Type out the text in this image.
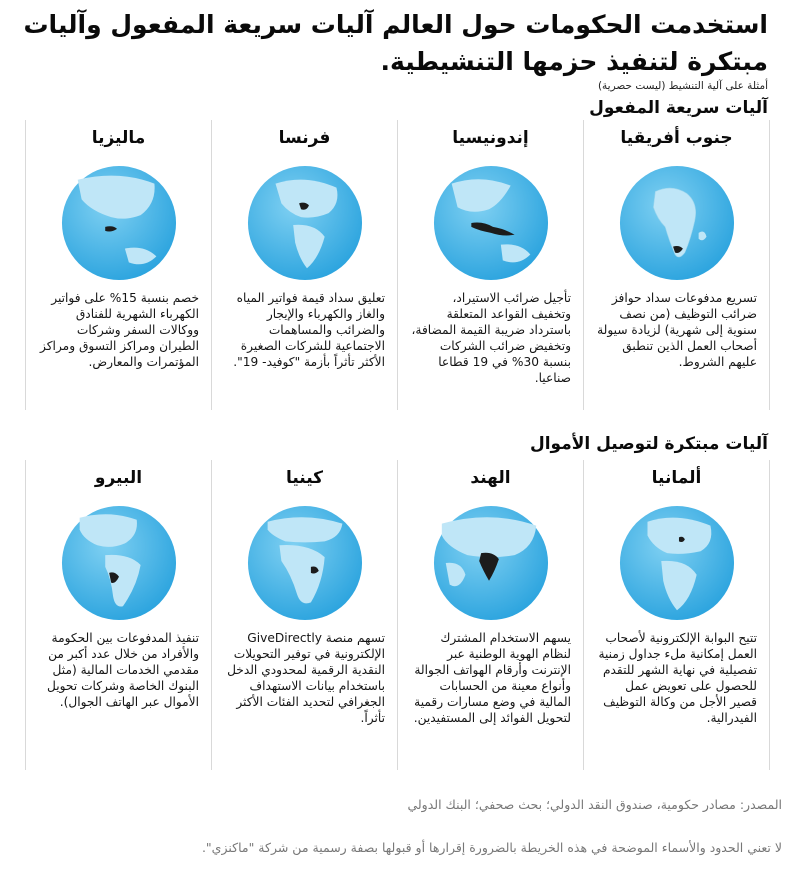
استخدمت الحكومات حول العالم آليات سريعة المفعول وآليات مبتكرة لتنفيذ حزمها التنشيطية.
أمثلة على آلية التنشيط (ليست حصرية)
آليات سريعة المفعول
جنوب أفريقيا
تسريع مدفوعات سداد حوافز ضرائب التوظيف (من نصف سنوية إلى شهرية) لزيادة سيولة أصحاب العمل الذين تنطبق عليهم الشروط.
إندونيسيا
تأجيل ضرائب الاستيراد، وتخفيف القواعد المتعلقة باسترداد ضريبة القيمة المضافة، وتخفيض ضرائب الشركات بنسبة 30% في 19 قطاعا صناعيا.
فرنسا
تعليق سداد قيمة فواتير المياه والغاز والكهرباء والإيجار والضرائب والمساهمات الاجتماعية للشركات الصغيرة الأكثر تأثراً بأزمة "كوفيد- 19".
ماليزيا
خصم بنسبة 15% على فواتير الكهرباء الشهرية للفنادق ووكالات السفر وشركات الطيران ومراكز التسوق ومراكز المؤتمرات والمعارض.
آليات مبتكرة لتوصيل الأموال
ألمانيا
تتيح البوابة الإلكترونية لأصحاب العمل إمكانية ملء جداول زمنية تفصيلية في نهاية الشهر للتقدم للحصول على تعويض عمل قصير الأجل من وكالة التوظيف الفيدرالية.
الهند
يسهم الاستخدام المشترك لنظام الهوية الوطنية عبر الإنترنت وأرقام الهواتف الجوالة وأنواع معينة من الحسابات المالية في وضع مسارات رقمية لتحويل الفوائد إلى المستفيدين.
كينيا
تسهم منصة GiveDirectly الإلكترونية في توفير التحويلات النقدية الرقمية لمحدودي الدخل باستخدام بيانات الاستهداف الجغرافي لتحديد الفئات الأكثر تأثراً.
البيرو
تنفيذ المدفوعات بين الحكومة والأفراد من خلال عدد أكبر من مقدمي الخدمات المالية (مثل البنوك الخاصة وشركات تحويل الأموال عبر الهاتف الجوال).
المصدر: مصادر حكومية، صندوق النقد الدولي؛ بحث صحفي؛ البنك الدولي
لا تعني الحدود والأسماء الموضحة في هذه الخريطة بالضرورة إقرارها أو قبولها بصفة رسمية من شركة "ماكنزي".
